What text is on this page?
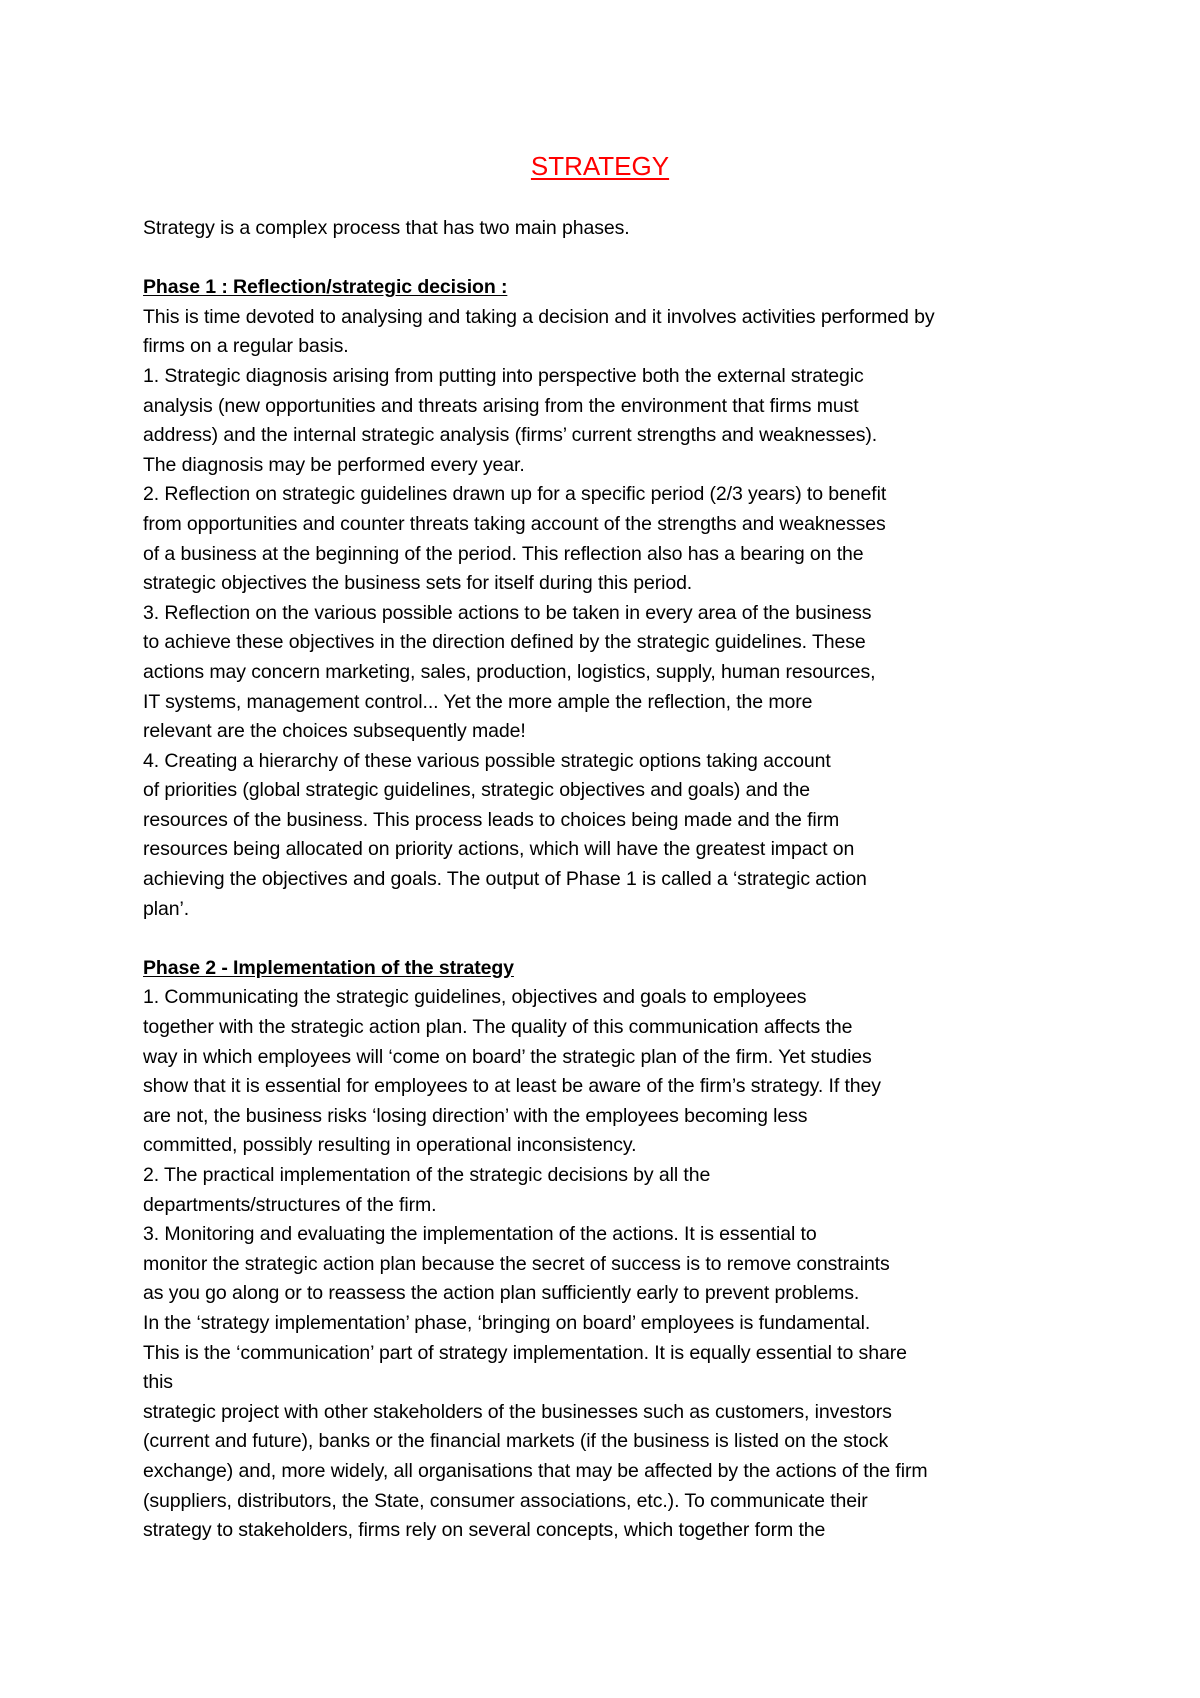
STRATEGY
Strategy is a complex process that has two main phases.
Phase 1 : Reflection/strategic decision :
This is time devoted to analysing and taking a decision and it involves activities performed by
firms on a regular basis.
1. Strategic diagnosis arising from putting into perspective both the external strategic
analysis (new opportunities and threats arising from the environment that firms must
address) and the internal strategic analysis (firms’ current strengths and weaknesses).
The diagnosis may be performed every year.
2. Reflection on strategic guidelines drawn up for a specific period (2/3 years) to benefit
from opportunities and counter threats taking account of the strengths and weaknesses
of a business at the beginning of the period. This reflection also has a bearing on the
strategic objectives the business sets for itself during this period.
3. Reflection on the various possible actions to be taken in every area of the business
to achieve these objectives in the direction defined by the strategic guidelines. These
actions may concern marketing, sales, production, logistics, supply, human resources,
IT systems, management control... Yet the more ample the reflection, the more
relevant are the choices subsequently made!
4. Creating a hierarchy of these various possible strategic options taking account
of priorities (global strategic guidelines, strategic objectives and goals) and the
resources of the business. This process leads to choices being made and the firm
resources being allocated on priority actions, which will have the greatest impact on
achieving the objectives and goals. The output of Phase 1 is called a ‘strategic action
plan’.
Phase 2 - Implementation of the strategy
1. Communicating the strategic guidelines, objectives and goals to employees
together with the strategic action plan. The quality of this communication affects the
way in which employees will ‘come on board’ the strategic plan of the firm. Yet studies
show that it is essential for employees to at least be aware of the firm’s strategy. If they
are not, the business risks ‘losing direction’ with the employees becoming less
committed, possibly resulting in operational inconsistency.
2. The practical implementation of the strategic decisions by all the
departments/structures of the firm.
3. Monitoring and evaluating the implementation of the actions. It is essential to
monitor the strategic action plan because the secret of success is to remove constraints
as you go along or to reassess the action plan sufficiently early to prevent problems.
In the ‘strategy implementation’ phase, ‘bringing on board’ employees is fundamental.
This is the ‘communication’ part of strategy implementation. It is equally essential to share
this
strategic project with other stakeholders of the businesses such as customers, investors
(current and future), banks or the financial markets (if the business is listed on the stock
exchange) and, more widely, all organisations that may be affected by the actions of the firm
(suppliers, distributors, the State, consumer associations, etc.). To communicate their
strategy to stakeholders, firms rely on several concepts, which together form the
